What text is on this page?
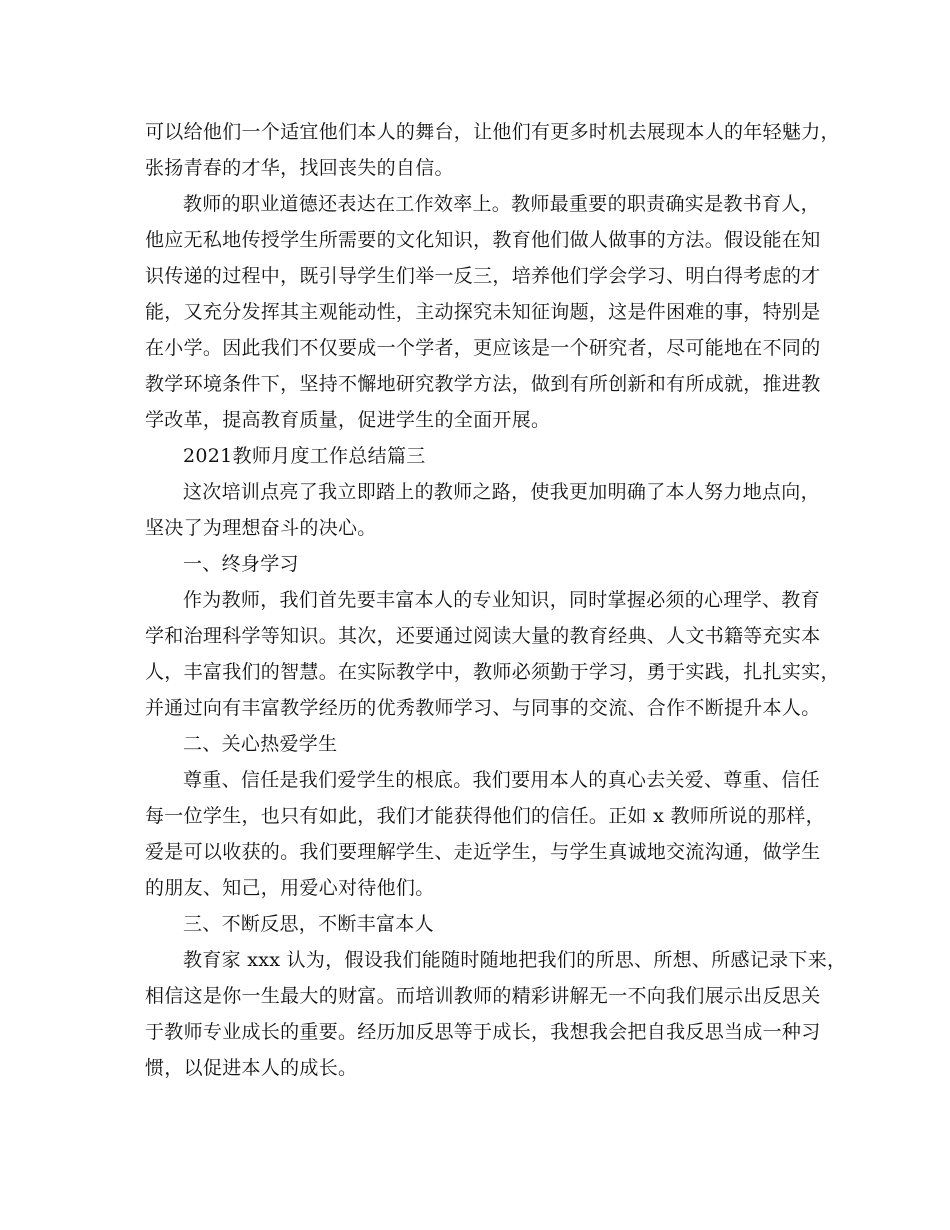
可以给他们一个适宜他们本人的舞台，让他们有更多时机去展现本人的年轻魅力，
张扬青春的才华，找回丧失的自信。
教师的职业道德还表达在工作效率上。教师最重要的职责确实是教书育人，
他应无私地传授学生所需要的文化知识，教育他们做人做事的方法。假设能在知
识传递的过程中，既引导学生们举一反三，培养他们学会学习、明白得考虑的才
能，又充分发挥其主观能动性，主动探究未知征询题，这是件困难的事，特别是
在小学。因此我们不仅要成一个学者，更应该是一个研究者，尽可能地在不同的
教学环境条件下，坚持不懈地研究教学方法，做到有所创新和有所成就，推进教
学改革，提高教育质量，促进学生的全面开展。
2021教师月度工作总结篇三
这次培训点亮了我立即踏上的教师之路，使我更加明确了本人努力地点向，
坚决了为理想奋斗的决心。
一、终身学习
作为教师，我们首先要丰富本人的专业知识，同时掌握必须的心理学、教育
学和治理科学等知识。其次，还要通过阅读大量的教育经典、人文书籍等充实本
人，丰富我们的智慧。在实际教学中，教师必须勤于学习，勇于实践，扎扎实实，
并通过向有丰富教学经历的优秀教师学习、与同事的交流、合作不断提升本人。
二、关心热爱学生
尊重、信任是我们爱学生的根底。我们要用本人的真心去关爱、尊重、信任
每一位学生，也只有如此，我们才能获得他们的信任。正如 x 教师所说的那样，
爱是可以收获的。我们要理解学生、走近学生，与学生真诚地交流沟通，做学生
的朋友、知己，用爱心对待他们。
三、不断反思，不断丰富本人
教育家 xxx 认为，假设我们能随时随地把我们的所思、所想、所感记录下来，
相信这是你一生最大的财富。而培训教师的精彩讲解无一不向我们展示出反思关
于教师专业成长的重要。经历加反思等于成长，我想我会把自我反思当成一种习
惯，以促进本人的成长。
